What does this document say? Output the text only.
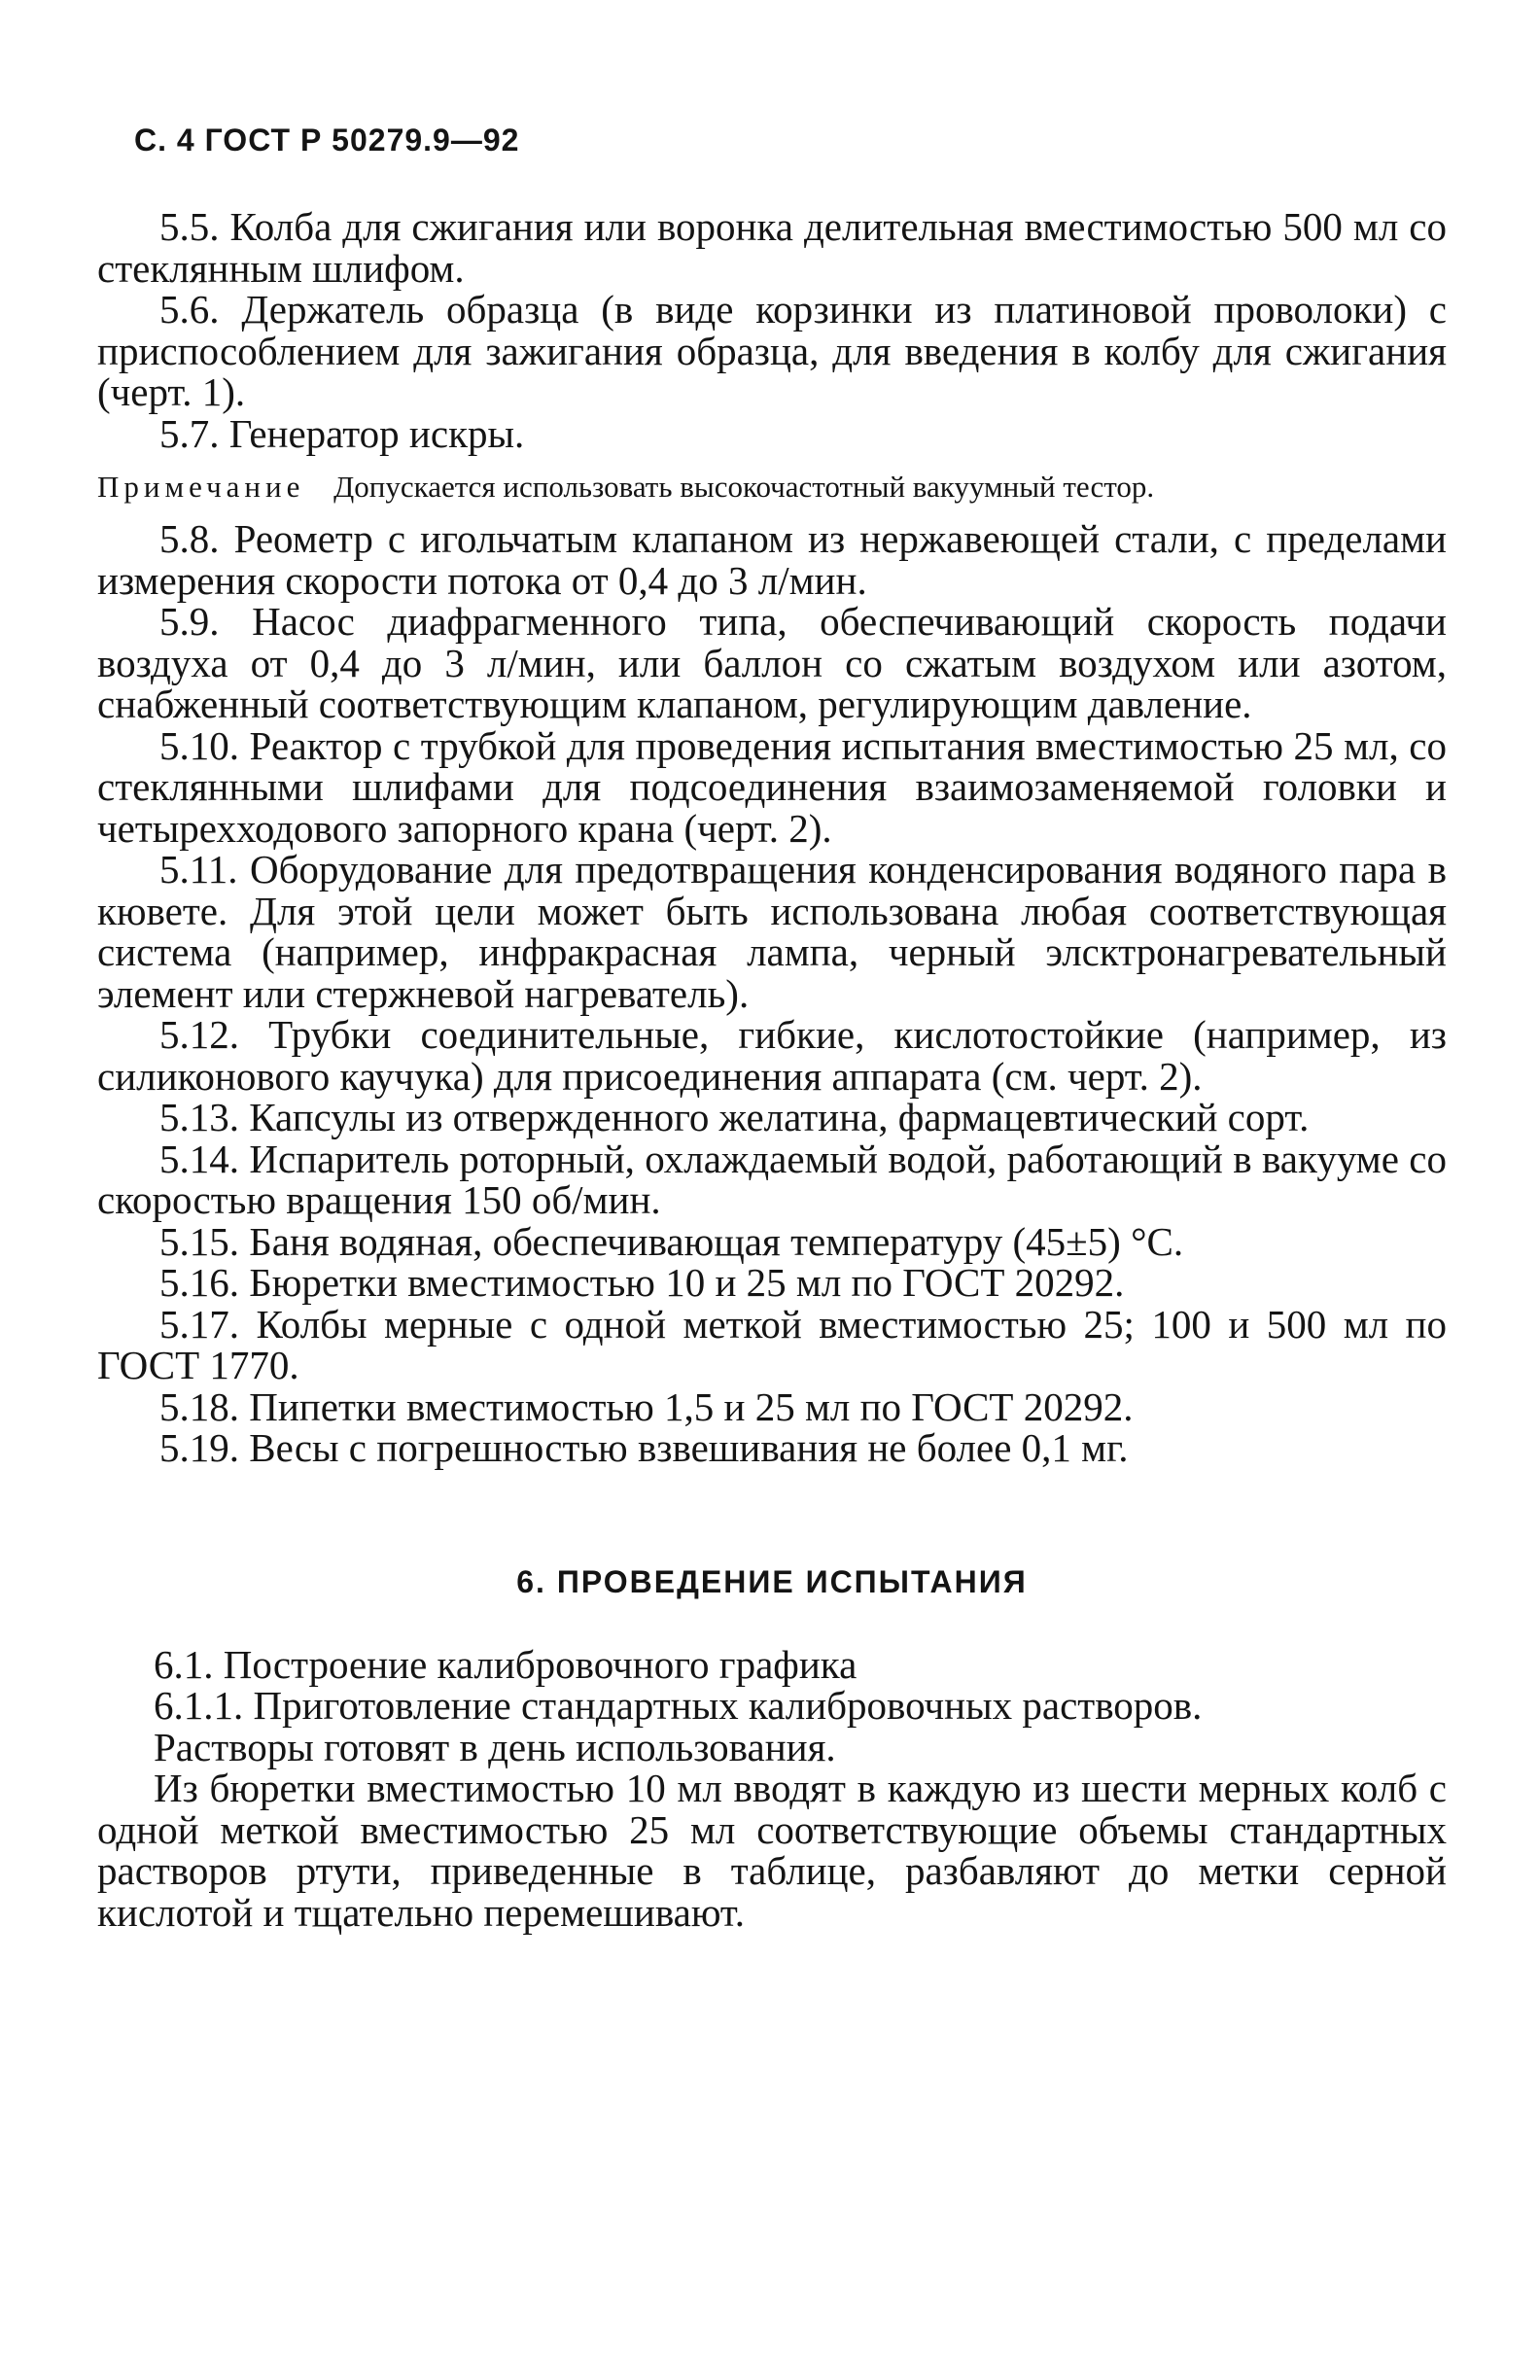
С. 4 ГОСТ Р 50279.9—92

5.5. Колба для сжигания или воронка делительная вместимостью 500 мл со стеклянным шлифом.

5.6. Держатель образца (в виде корзинки из платиновой проволоки) с приспособлением для зажигания образца, для введения в колбу для сжигания (черт. 1).

5.7. Генератор искры.

Примечание Допускается использовать высокочастотный вакуумный тестор.

5.8. Реометр с игольчатым клапаном из нержавеющей стали, с пределами измерения скорости потока от 0,4 до 3 л/мин.

5.9. Насос диафрагменного типа, обеспечивающий скорость подачи воздуха от 0,4 до 3 л/мин, или баллон со сжатым воздухом или азотом, снабженный соответствующим клапаном, регулирующим давление.

5.10. Реактор с трубкой для проведения испытания вместимостью 25 мл, со стеклянными шлифами для подсоединения взаимозаменяемой головки и четырехходового запорного крана (черт. 2).

5.11. Оборудование для предотвращения конденсирования водяного пара в кювете. Для этой цели может быть использована любая соответствующая система (например, инфракрасная лампа, черный элcктронагревательный элемент или стержневой нагреватель).

5.12. Трубки соединительные, гибкие, кислотостойкие (например, из силиконового каучука) для присоединения аппарата (см. черт. 2).

5.13. Капсулы из отвержденного желатина, фармацевтический сорт.

5.14. Испаритель роторный, охлаждаемый водой, работающий в вакууме со скоростью вращения 150 об/мин.

5.15. Баня водяная, обеспечивающая температуру (45±5) °С.

5.16. Бюретки вместимостью 10 и 25 мл по ГОСТ 20292.

5.17. Колбы мерные с одной меткой вместимостью 25; 100 и 500 мл по ГОСТ 1770.

5.18. Пипетки вместимостью 1,5 и 25 мл по ГОСТ 20292.

5.19. Весы с погрешностью взвешивания не более 0,1 мг.

6. ПРОВЕДЕНИЕ ИСПЫТАНИЯ

6.1. Построение калибровочного графика

6.1.1. Приготовление стандартных калибровочных растворов.

Растворы готовят в день использования.

Из бюретки вместимостью 10 мл вводят в каждую из шести мерных колб с одной меткой вместимостью 25 мл соответствующие объемы стандартных растворов ртути, приведенные в таблице, разбавляют до метки серной кислотой и тщательно перемешивают.
